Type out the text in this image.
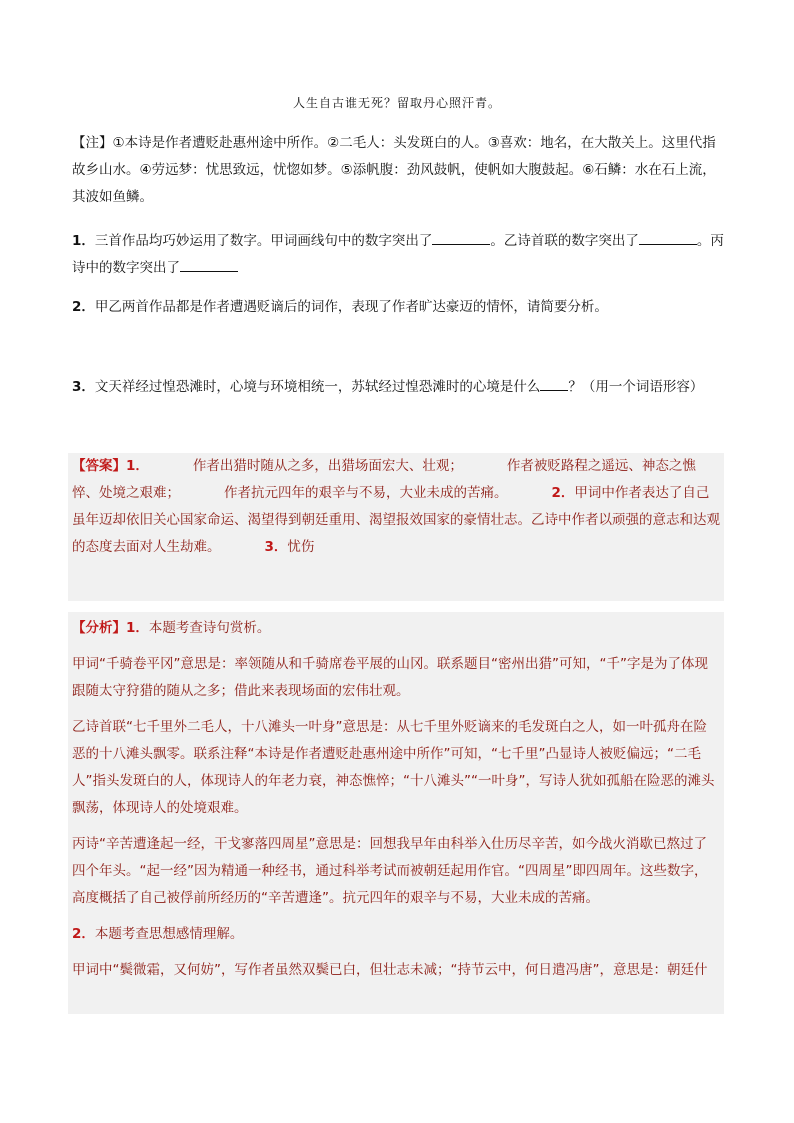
人生自古谁无死？留取丹心照汗青。
【注】①本诗是作者遭贬赴惠州途中所作。②二毛人：头发斑白的人。③喜欢：地名，在大散关上。这里代指故乡山水。④劳远梦：忧思致远，忧惚如梦。⑤添帆腹：劲风鼓帆，使帆如大腹鼓起。⑥石鳞：水在石上流，其波如鱼鳞。
1．三首作品均巧妙运用了数字。甲词画线句中的数字突出了	。乙诗首联的数字突出了	。丙诗中的数字突出了
2．甲乙两首作品都是作者遭遇贬谪后的词作，表现了作者旷达豪迈的情怀，请简要分析。
3．文天祥经过惶恐滩时，心境与环境相统一，苏轼经过惶恐滩时的心境是什么 ？（用一个词语形容）
【答案】1．	作者出猎时随从之多，出猎场面宏大、壮观；	作者被贬路程之遥远、神态之憔悴、处境之艰难；	作者抗元四年的艰辛与不易，大业未成的苦痛。	2．甲词中作者表达了自己虽年迈却依旧关心国家命运、渴望得到朝廷重用、渴望报效国家的豪情壮志。乙诗中作者以顽强的意志和达观的态度去面对人生劫难。	3．忧伤

【分析】1．本题考查诗句赏析。

甲词“千骑卷平冈”意思是：率领随从和千骑席卷平展的山冈。联系题目“密州出猎”可知，“千”字是为了体现跟随太守狩猎的随从之多；借此来表现场面的宏伟壮观。

乙诗首联“七千里外二毛人，十八滩头一叶身”意思是：从七千里外贬谪来的毛发斑白之人，如一叶孤舟在险恶的十八滩头飘零。联系注释“本诗是作者遭贬赴惠州途中所作”可知，“七千里”凸显诗人被贬偏远；“二毛人”指头发斑白的人，体现诗人的年老力衰，神态憔悴；“十八滩头”“一叶身”，写诗人犹如孤船在险恶的滩头飘荡，体现诗人的处境艰难。

丙诗“辛苦遭逢起一经，干戈寥落四周星”意思是：回想我早年由科举入仕历尽辛苦，如今战火消歇已熬过了四个年头。“起一经”因为精通一种经书，通过科举考试而被朝廷起用作官。“四周星”即四周年。这些数字，高度概括了自己被俘前所经历的“辛苦遭逢”。抗元四年的艰辛与不易，大业未成的苦痛。

2．本题考查思想感情理解。

甲词中“鬓微霜，又何妨”，写作者虽然双鬓已白，但壮志未减；“持节云中，何日遣冯唐”，意思是：朝廷什
